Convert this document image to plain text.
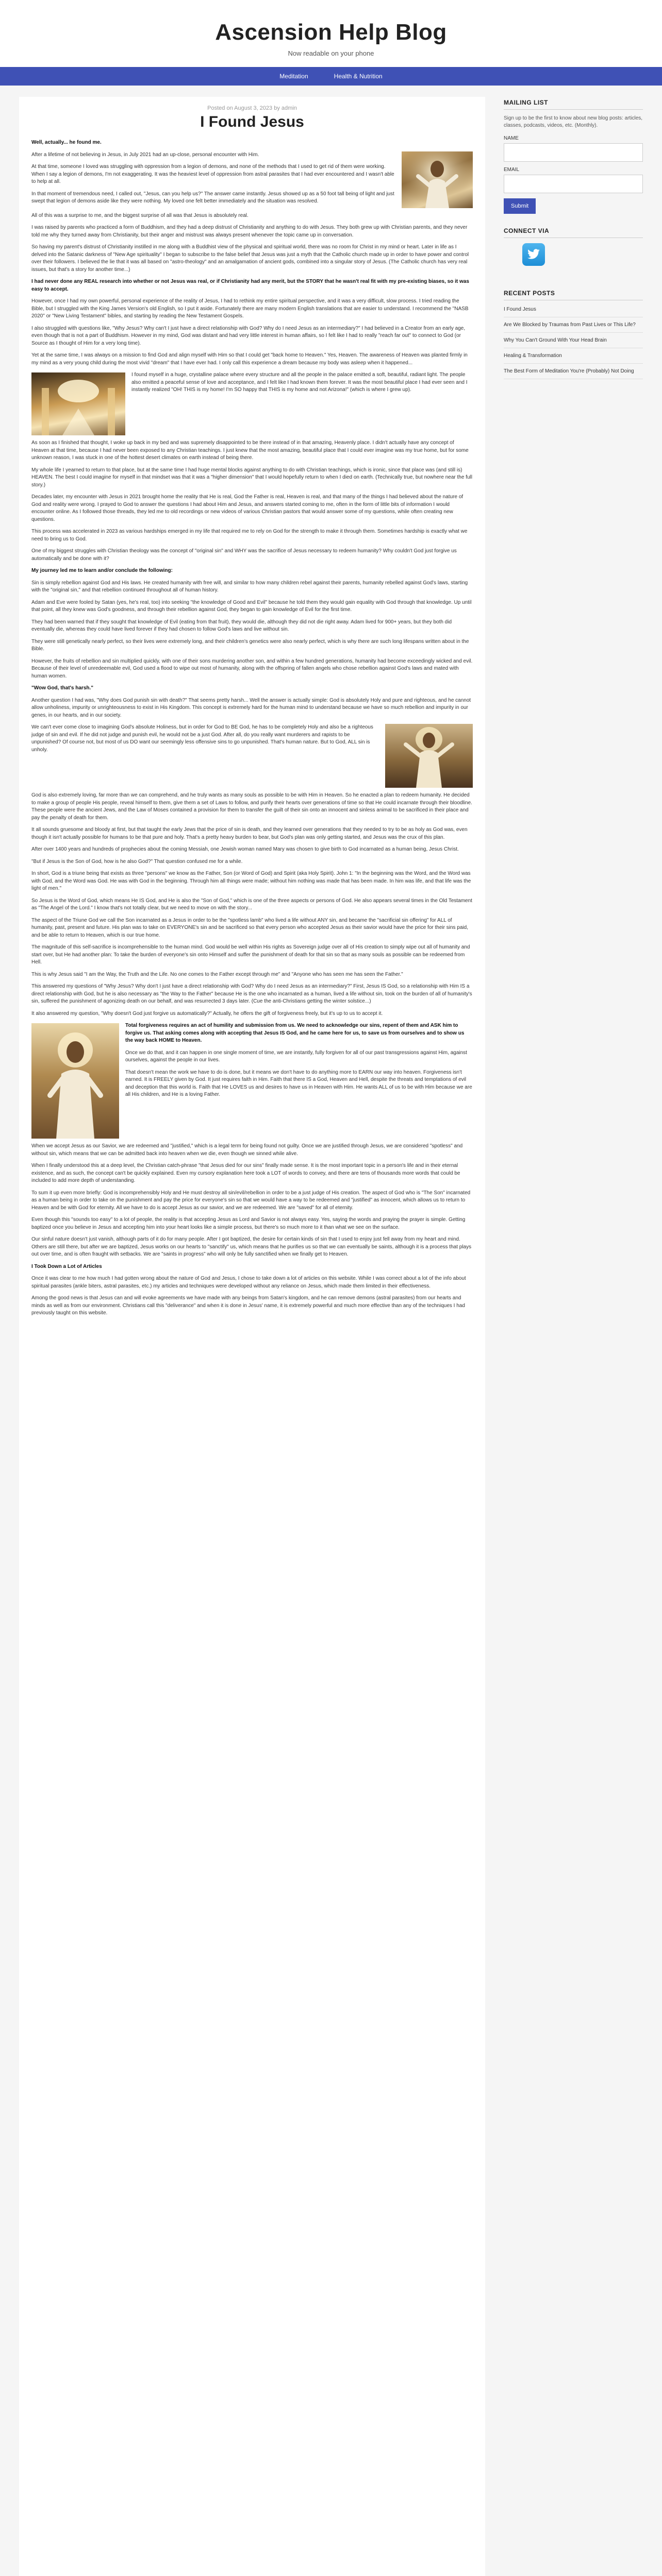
Ascension Help Blog
Now readable on your phone
Meditation	Health & Nutrition
Posted on August 3, 2023 by admin
I Found Jesus

Well, actually... he found me.

After a lifetime of not believing in Jesus, in July 2021 had an up-close, personal encounter with Him.

At that time, someone I loved was struggling with oppression from a legion of demons, and none of the methods that I used to get rid of them were working. When I say a legion of demons, I'm not exaggerating. It was the heaviest level of oppression from astral parasites that I had ever encountered and I wasn't able to help at all.

In that moment of tremendous need, I called out, "Jesus, can you help us?" The answer came instantly. Jesus showed up as a 50 foot tall being of light and just swept that legion of demons aside like they were nothing. My loved one felt better immediately and the situation was resolved.

All of this was a surprise to me, and the biggest surprise of all was that Jesus is absolutely real.

I was raised by parents who practiced a form of Buddhism, and they had a deep distrust of Christianity and anything to do with Jesus. They both grew up with Christian parents, and they never told me why they turned away from Christianity, but their anger and mistrust was always present whenever the topic came up in conversation.

So having my parent's distrust of Christianity instilled in me along with a Buddhist view of the physical and spiritual world, there was no room for Christ in my mind or heart. Later in life as I delved into the Satanic darkness of "New Age spirituality" I began to subscribe to the false belief that Jesus was just a myth that the Catholic church made up in order to have power and control over their followers. I believed the lie that it was all based on "astro-theology" and an amalgamation of ancient gods, combined into a singular story of Jesus. (The Catholic church has very real issues, but that's a story for another time...)

I had never done any REAL research into whether or not Jesus was real, or if Christianity had any merit, but the STORY that he wasn't real fit with my pre-existing biases, so it was easy to accept.

However, once I had my own powerful, personal experience of the reality of Jesus, I had to rethink my entire spiritual perspective, and it was a very difficult, slow process. I tried reading the Bible, but I struggled with the King James Version's old English, so I put it aside. Fortunately there are many modern English translations that are easier to understand. I recommend the "NASB 2020" or "New Living Testament" bibles, and starting by reading the New Testament Gospels.

I also struggled with questions like, "Why Jesus? Why can't I just have a direct relationship with God? Why do I need Jesus as an intermediary?" I had believed in a Creator from an early age, even though that is not a part of Buddhism. However in my mind, God was distant and had very little interest in human affairs, so I felt like I had to really "reach far out" to connect to God (or Source as I thought of Him for a very long time).

Yet at the same time, I was always on a mission to find God and align myself with Him so that I could get "back home to Heaven." Yes, Heaven. The awareness of Heaven was planted firmly in my mind as a very young child during the most vivid "dream" that I have ever had. I only call this experience a dream because my body was asleep when it happened...

I found myself in a huge, crystalline palace where every structure and all the people in the palace emitted a soft, beautiful, radiant light. The people also emitted a peaceful sense of love and acceptance, and I felt like I had known them forever. It was the most beautiful place I had ever seen and I instantly realized "OH! THIS is my home! I'm SO happy that THIS is my home and not Arizona!" (which is where I grew up).

As soon as I finished that thought, I woke up back in my bed and was supremely disappointed to be there instead of in that amazing, Heavenly place. I didn't actually have any concept of Heaven at that time, because I had never been exposed to any Christian teachings. I just knew that the most amazing, beautiful place that I could ever imagine was my true home, but for some unknown reason, I was stuck in one of the hottest desert climates on earth instead of being there.

My whole life I yearned to return to that place, but at the same time I had huge mental blocks against anything to do with Christian teachings, which is ironic, since that place was (and still is) HEAVEN. The best I could imagine for myself in that mindset was that it was a "higher dimension" that I would hopefully return to when I died on earth. (Technically true, but nowhere near the full story.)

Decades later, my encounter with Jesus in 2021 brought home the reality that He is real, God the Father is real, Heaven is real, and that many of the things I had believed about the nature of God and reality were wrong. I prayed to God to answer the questions I had about Him and Jesus, and answers started coming to me, often in the form of little bits of information I would encounter online. As I followed those threads, they led me to old recordings or new videos of various Christian pastors that would answer some of my questions, while often creating new questions.

This process was accelerated in 2023 as various hardships emerged in my life that required me to rely on God for the strength to make it through them. Sometimes hardship is exactly what we need to bring us to God.

One of my biggest struggles with Christian theology was the concept of "original sin" and WHY was the sacrifice of Jesus necessary to redeem humanity? Why couldn't God just forgive us automatically and be done with it?

My journey led me to learn and/or conclude the following:

Sin is simply rebellion against God and His laws. He created humanity with free will, and similar to how many children rebel against their parents, humanity rebelled against God's laws, starting with the "original sin," and that rebellion continued throughout all of human history.

Adam and Eve were fooled by Satan (yes, he's real, too) into seeking "the knowledge of Good and Evil" because he told them they would gain equality with God through that knowledge. Up until that point, all they knew was God's goodness, and through their rebellion against God, they began to gain knowledge of Evil for the first time.

They had been warned that if they sought that knowledge of Evil (eating from that fruit), they would die, although they did not die right away. Adam lived for 900+ years, but they both did eventually die, whereas they could have lived forever if they had chosen to follow God's laws and live without sin.

They were still genetically nearly perfect, so their lives were extremely long, and their children's genetics were also nearly perfect, which is why there are such long lifespans written about in the Bible.

However, the fruits of rebellion and sin multiplied quickly, with one of their sons murdering another son, and within a few hundred generations, humanity had become exceedingly wicked and evil. Because of their level of unredeemable evil, God used a flood to wipe out most of humanity, along with the offspring of fallen angels who chose rebellion against God's laws and mated with human women.

"Wow God, that's harsh."

Another question I had was, "Why does God punish sin with death?" That seems pretty harsh... Well the answer is actually simple: God is absolutely Holy and pure and righteous, and he cannot allow unholiness, impurity or unrighteousness to exist in His Kingdom. This concept is extremely hard for the human mind to understand because we have so much rebellion and impurity in our genes, in our hearts, and in our society.

We can't ever come close to imagining God's absolute Holiness, but in order for God to BE God, he has to be completely Holy and also be a righteous judge of sin and evil. If he did not judge and punish evil, he would not be a just God. After all, do you really want murderers and rapists to be unpunished? Of course not, but most of us DO want our seemingly less offensive sins to go unpunished. That's human nature. But to God, ALL sin is unholy.

God is also extremely loving, far more than we can comprehend, and he truly wants as many souls as possible to be with Him in Heaven. So he enacted a plan to redeem humanity. He decided to make a group of people His people, reveal himself to them, give them a set of Laws to follow, and purify their hearts over generations of time so that He could incarnate through their bloodline. These people were the ancient Jews, and the Law of Moses contained a provision for them to transfer the guilt of their sin onto an innocent and sinless animal to be sacrificed in their place and pay the penalty of death for them.

It all sounds gruesome and bloody at first, but that taught the early Jews that the price of sin is death, and they learned over generations that they needed to try to be as holy as God was, even though it isn't actually possible for humans to be that pure and holy. That's a pretty heavy burden to bear, but God's plan was only getting started, and Jesus was the crux of this plan.

After over 1400 years and hundreds of prophecies about the coming Messiah, one Jewish woman named Mary was chosen to give birth to God incarnated as a human being, Jesus Christ.

"But if Jesus is the Son of God, how is he also God?" That question confused me for a while.

In short, God is a triune being that exists as three "persons" we know as the Father, Son (or Word of God) and Spirit (aka Holy Spirit). John 1: "In the beginning was the Word, and the Word was with God, and the Word was God. He was with God in the beginning. Through him all things were made; without him nothing was made that has been made. In him was life, and that life was the light of men."

So Jesus is the Word of God, which means He IS God, and He is also the "Son of God," which is one of the three aspects or persons of God. He also appears several times in the Old Testament as "The Angel of the Lord." I know that's not totally clear, but we need to move on with the story...

The aspect of the Triune God we call the Son incarnated as a Jesus in order to be the "spotless lamb" who lived a life without ANY sin, and became the "sacrificial sin offering" for ALL of humanity, past, present and future. His plan was to take on EVERYONE's sin and be sacrificed so that every person who accepted Jesus as their savior would have the price for their sins paid, and be able to return to Heaven, which is our true home.

The magnitude of this self-sacrifice is incomprehensible to the human mind. God would be well within His rights as Sovereign judge over all of His creation to simply wipe out all of humanity and start over, but He had another plan: To take the burden of everyone's sin onto Himself and suffer the punishment of death for that sin so that as many souls as possible can be redeemed from Hell.

This is why Jesus said "I am the Way, the Truth and the Life. No one comes to the Father except through me" and "Anyone who has seen me has seen the Father."

This answered my questions of "Why Jesus? Why don't I just have a direct relationship with God? Why do I need Jesus as an intermediary?" First, Jesus IS God, so a relationship with Him IS a direct relationship with God, but he is also necessary as "the Way to the Father" because He is the one who incarnated as a human, lived a life without sin, took on the burden of all of humanity's sin, suffered the punishment of agonizing death on our behalf, and was resurrected 3 days later. (Cue the anti-Christians getting the winter solstice...)

It also answered my question, "Why doesn't God just forgive us automatically?" Actually, he offers the gift of forgiveness freely, but it's up to us to accept it.

Total forgiveness requires an act of humility and submission from us. We need to acknowledge our sins, repent of them and ASK him to forgive us. That asking comes along with accepting that Jesus IS God, and he came here for us, to save us from ourselves and to show us the way back HOME to Heaven.

Once we do that, and it can happen in one single moment of time, we are instantly, fully forgiven for all of our past transgressions against Him, against ourselves, against the people in our lives.

That doesn't mean the work we have to do is done, but it means we don't have to do anything more to EARN our way into heaven. Forgiveness isn't earned. It is FREELY given by God. It just requires faith in Him. Faith that there IS a God, Heaven and Hell, despite the threats and temptations of evil and deception that this world is. Faith that He LOVES us and desires to have us in Heaven with Him. He wants ALL of us to be with Him because we are all His children, and He is a loving Father.

When we accept Jesus as our Savior, we are redeemed and "justified," which is a legal term for being found not guilty. Once we are justified through Jesus, we are considered "spotless" and without sin, which means that we can be admitted back into heaven when we die, even though we sinned while alive.

When I finally understood this at a deep level, the Christian catch-phrase "that Jesus died for our sins" finally made sense. It is the most important topic in a person's life and in their eternal existence, and as such, the concept can't be quickly explained. Even my cursory explanation here took a LOT of words to convey, and there are tens of thousands more words that could be included to add more depth of understanding.

To sum it up even more briefly: God is incomprehensibly Holy and He must destroy all sin/evil/rebellion in order to be a just judge of His creation. The aspect of God who is "The Son" incarnated as a human being in order to take on the punishment and pay the price for everyone's sin so that we would have a way to be redeemed and "justified" as innocent, which allows us to return to Heaven and be with God for eternity. All we have to do is accept Jesus as our savior, and we are redeemed. We are "saved" for all of eternity.

Even though this "sounds too easy" to a lot of people, the reality is that accepting Jesus as Lord and Savior is not always easy. Yes, saying the words and praying the prayer is simple. Getting baptized once you believe in Jesus and accepting him into your heart looks like a simple process, but there's so much more to it than what we see on the surface.

Our sinful nature doesn't just vanish, although parts of it do for many people. After I got baptized, the desire for certain kinds of sin that I used to enjoy just fell away from my heart and mind. Others are still there, but after we are baptized, Jesus works on our hearts to "sanctify" us, which means that he purifies us so that we can eventually be saints, although it is a process that plays out over time, and is often fraught with setbacks. We are "saints in progress" who will only be fully sanctified when we finally get to Heaven.

I Took Down a Lot of Articles

Once it was clear to me how much I had gotten wrong about the nature of God and Jesus, I chose to take down a lot of articles on this website. While I was correct about a lot of the info about spiritual parasites (ankle biters, astral parasites, etc.) my articles and techniques were developed without any reliance on Jesus, which made them limited in their effectiveness.

Among the good news is that Jesus can and will evoke agreements we have made with any beings from Satan's kingdom, and he can remove demons (astral parasites) from our hearts and minds as well as from our environment. Christians call this "deliverance" and when it is done in Jesus' name, it is extremely powerful and much more effective than any of the techniques I had previously taught on this website.

MAILING LIST
Sign up to be the first to know about new blog posts: articles, classes, podcasts, videos, etc. (Monthly).
NAME
EMAIL
Submit
CONNECT VIA
RECENT POSTS
I Found Jesus
Are We Blocked by Traumas from Past Lives or This Life?
Why You Can't Ground With Your Head Brain
Healing & Transformation
The Best Form of Meditation You're (Probably) Not Doing
